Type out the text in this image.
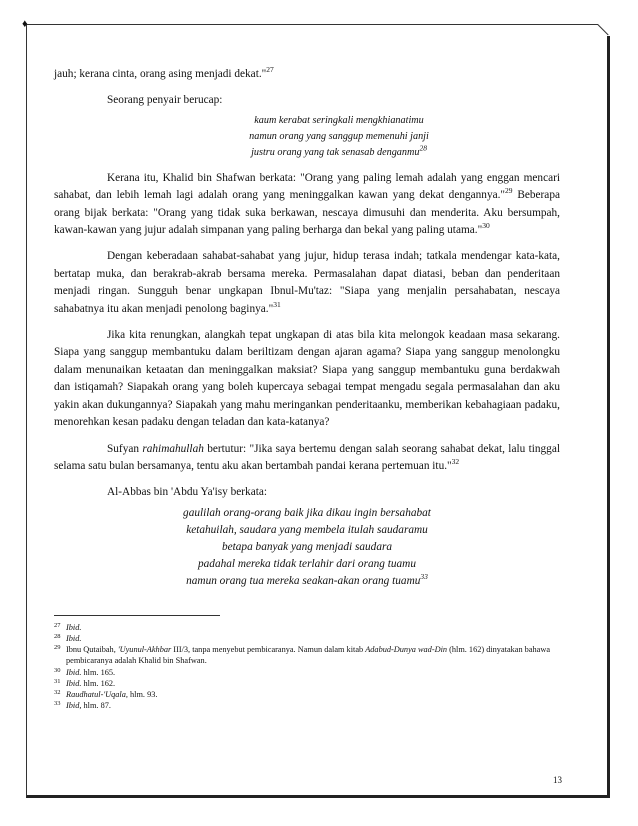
♦

jauh; kerana cinta, orang asing menjadi dekat."$^{27}$

Seorang penyair berucap:

kaum kerabat seringkali mengkhianatimu

namun orang yang sanggup memenuhi janji

justru orang yang tak senasab denganmu$^{28}$

Kerana itu, Khalid bin Shafwan berkata: "Orang yang paling lemah adalah yang enggan mencari sahabat, dan lebih lemah lagi adalah orang yang meninggalkan kawan yang dekat dengannya."$^{29}$ Beberapa orang bijak berkata: "Orang yang tidak suka berkawan, nescaya dimusuhi dan menderita. Aku bersumpah, kawan-kawan yang jujur adalah simpanan yang paling berharga dan bekal yang paling utama."$^{30}$

Dengan keberadaan sahabat-sahabat yang jujur, hidup terasa indah; tatkala mendengar kata-kata, bertatap muka, dan berakrab-akrab bersama mereka. Permasalahan dapat diatasi, beban dan penderitaan menjadi ringan. Sungguh benar ungkapan Ibnul-Mu'taz: "Siapa yang menjalin persahabatan, nescaya sahabatnya itu akan menjadi penolong baginya."$^{31}$

Jika kita renungkan, alangkah tepat ungkapan di atas bila kita melongok keadaan masa sekarang. Siapa yang sanggup membantuku dalam beriltizam dengan ajaran agama? Siapa yang sanggup menolongku dalam menunaikan ketaatan dan meninggalkan maksiat? Siapa yang sanggup membantuku guna berdakwah dan istiqamah? Siapakah orang yang boleh kupercaya sebagai tempat mengadu segala permasalahan dan aku yakin akan dukungannya? Siapakah yang mahu meringankan penderitaanku, memberikan kebahagiaan padaku, menorehkan kesan padaku dengan teladan dan kata-katanya?

Sufyan rahimahullah bertutur: "Jika saya bertemu dengan salah seorang sahabat dekat, lalu tinggal selama satu bulan bersamanya, tentu aku akan bertambah pandai kerana pertemuan itu."$^{32}$

Al-Abbas bin 'Abdu Ya'isy berkata:

gaulilah orang-orang baik jika dikau ingin bersahabat

ketahuilah, saudara yang membela itulah saudaramu

betapa banyak yang menjadi saudara

padahal mereka tidak terlahir dari orang tuamu

namun orang tua mereka seakan-akan orang tuamu$^{33}$

27 Ibid.
28 Ibid.
29 Ibnu Qutaibah, 'Uyunul-Akhbar III/3, tanpa menyebut pembicaranya. Namun dalam kitab Adabud-Dunya wad-Din (hlm. 162) dinyatakan bahawa pembicaranya adalah Khalid bin Shafwan.
30 Ibid. hlm. 165.
31 Ibid. hlm. 162.
32 Raudhatul-'Uqala, hlm. 93.
33 Ibid, hlm. 87.
13
